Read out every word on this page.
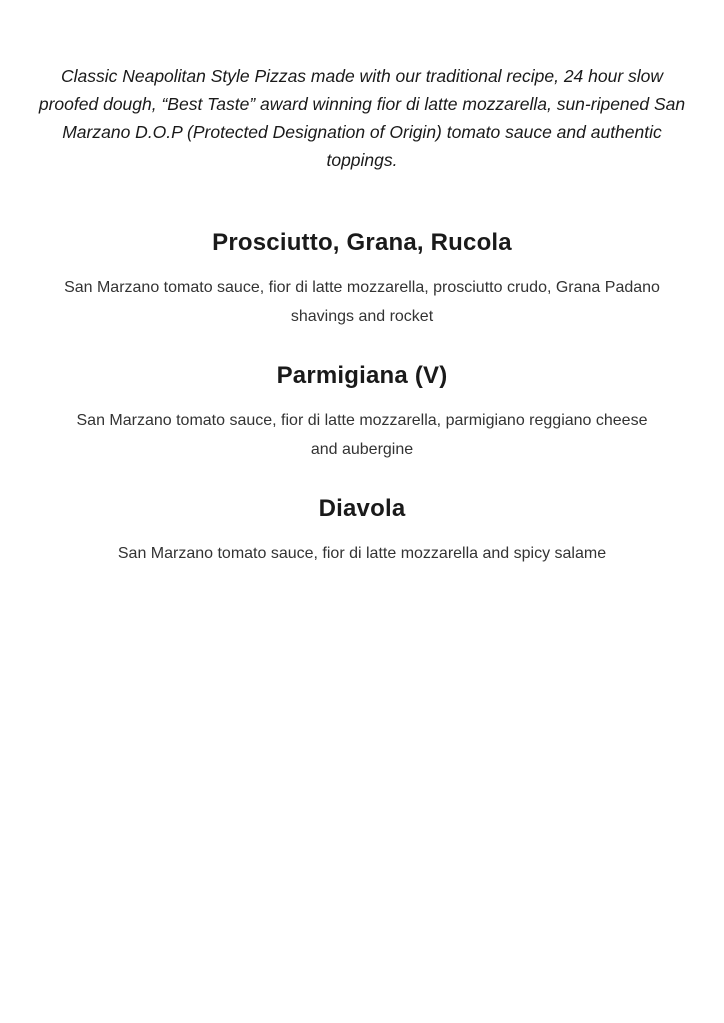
Classic Neapolitan Style Pizzas made with our traditional recipe, 24 hour slow proofed dough, “Best Taste” award winning fior di latte mozzarella, sun-ripened San Marzano D.O.P (Protected Designation of Origin) tomato sauce and authentic toppings.

Prosciutto, Grana, Rucola

San Marzano tomato sauce, fior di latte mozzarella, prosciutto crudo, Grana Padano shavings and rocket

Parmigiana (V)

San Marzano tomato sauce, fior di latte mozzarella, parmigiano reggiano cheese and aubergine

Diavola

San Marzano tomato sauce, fior di latte mozzarella and spicy salame
